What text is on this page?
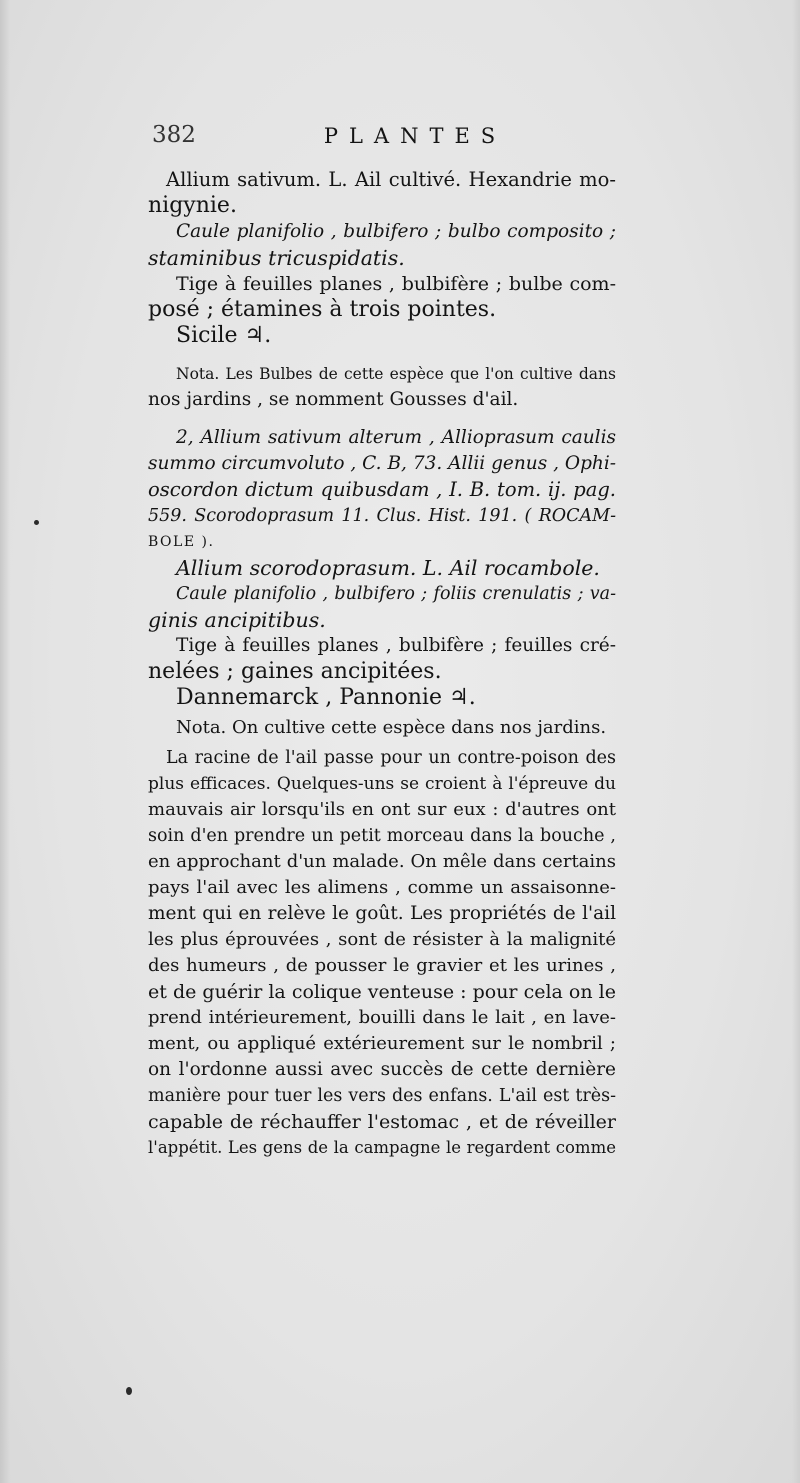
382	PLANTES
Allium sativum. L. Ail cultivé. Hexandrie mo-
nigynie.
Caule planifolio , bulbifero ; bulbo composito ;
staminibus tricuspidatis.
Tige à feuilles planes , bulbifère ; bulbe com-
posé ; étamines à trois pointes.
Sicile ♃.
Nota. Les Bulbes de cette espèce que l'on cultive dans
nos jardins , se nomment Gousses d'ail.
2, Allium sativum alterum , Allioprasum caulis
summo circumvoluto , C. B, 73. Allii genus , Ophi-
oscordon dictum quibusdam , I. B. tom. ij. pag.
559. Scorodoprasum 11. Clus. Hist. 191. ( ROCAM-
BOLE ).
Allium scorodoprasum. L. Ail rocambole.
Caule planifolio , bulbifero ; foliis crenulatis ; va-
ginis ancipitibus.
Tige à feuilles planes , bulbifère ; feuilles cré-
nelées ; gaines ancipitées.
Dannemarck , Pannonie ♃.
Nota. On cultive cette espèce dans nos jardins.
La racine de l'ail passe pour un contre-poison des
plus efficaces. Quelques-uns se croient à l'épreuve du
mauvais air lorsqu'ils en ont sur eux : d'autres ont
soin d'en prendre un petit morceau dans la bouche ,
en approchant d'un malade. On mêle dans certains
pays l'ail avec les alimens , comme un assaisonne-
ment qui en relève le goût. Les propriétés de l'ail
les plus éprouvées , sont de résister à la malignité
des humeurs , de pousser le gravier et les urines ,
et de guérir la colique venteuse : pour cela on le
prend intérieurement, bouilli dans le lait , en lave-
ment, ou appliqué extérieurement sur le nombril ;
on l'ordonne aussi avec succès de cette dernière
manière pour tuer les vers des enfans. L'ail est très-
capable de réchauffer l'estomac , et de réveiller
l'appétit. Les gens de la campagne le regardent comme
